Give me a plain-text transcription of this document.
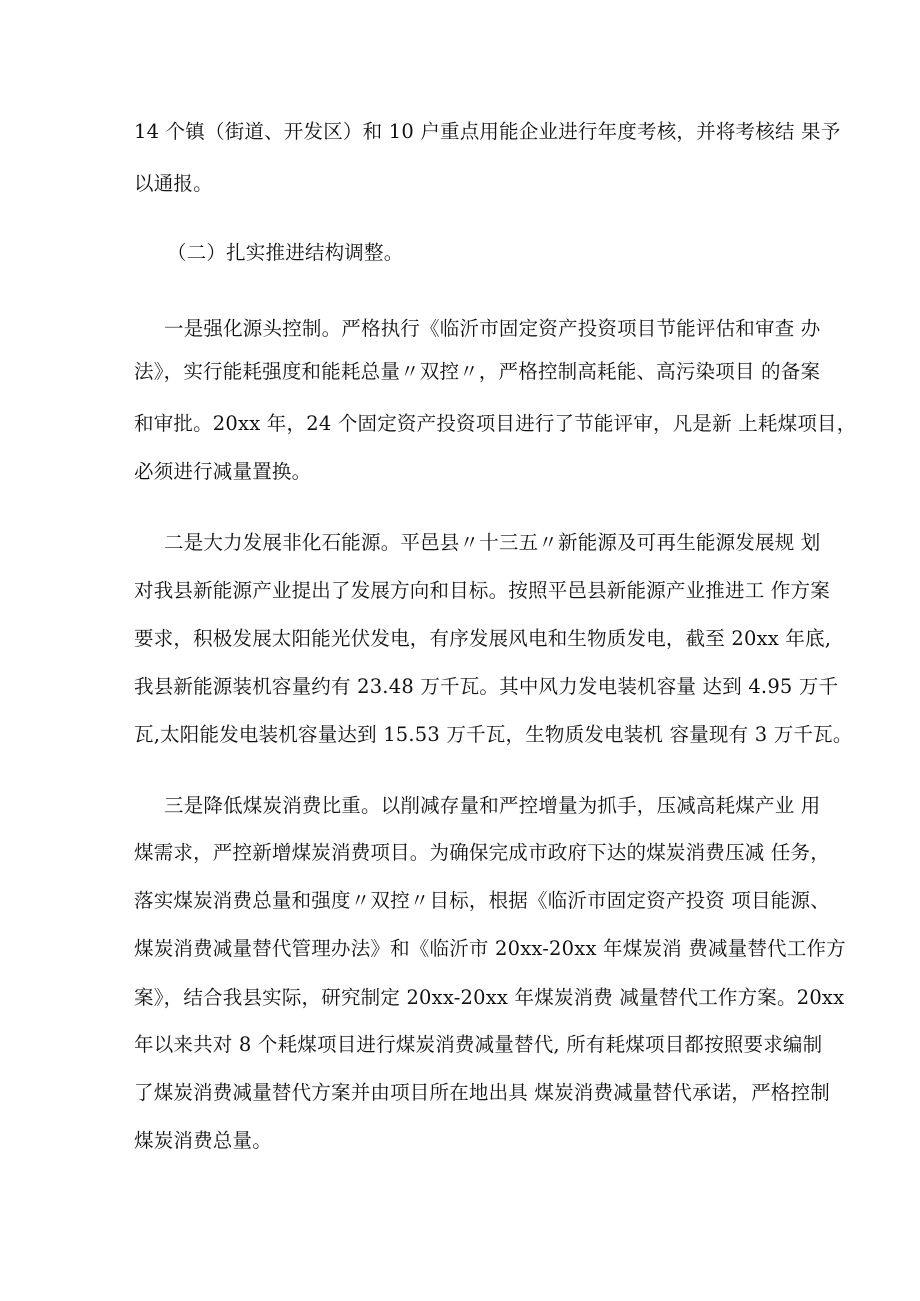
14 个镇（街道、开发区）和 10 户重点用能企业进行年度考核，并将考核结 果予
以通报。
（二）扎实推进结构调整。
一是强化源头控制。严格执行《临沂市固定资产投资项目节能评估和审查 办
法》，实行能耗强度和能耗总量〃双控〃，严格控制高耗能、高污染项目 的备案
和审批。20xx 年，24 个固定资产投资项目进行了节能评审，凡是新 上耗煤项目，
必须进行减量置换。
二是大力发展非化石能源。平邑县〃十三五〃新能源及可再生能源发展规 划
对我县新能源产业提出了发展方向和目标。按照平邑县新能源产业推进工 作方案
要求，积极发展太阳能光伏发电，有序发展风电和生物质发电，截至 20xx 年底,
我县新能源装机容量约有 23.48 万千瓦。其中风力发电装机容量 达到 4.95 万千
瓦,太阳能发电装机容量达到 15.53 万千瓦，生物质发电装机 容量现有 3 万千瓦。
三是降低煤炭消费比重。以削减存量和严控增量为抓手，压减高耗煤产业 用
煤需求，严控新增煤炭消费项目。为确保完成市政府下达的煤炭消费压减 任务，
落实煤炭消费总量和强度〃双控〃目标，根据《临沂市固定资产投资 项目能源、
煤炭消费减量替代管理办法》和《临沂市 20xx-20xx 年煤炭消 费减量替代工作方
案》，结合我县实际，研究制定 20xx-20xx 年煤炭消费 减量替代工作方案。20xx
年以来共对 8 个耗煤项目进行煤炭消费减量替代, 所有耗煤项目都按照要求编制
了煤炭消费减量替代方案并由项目所在地出具 煤炭消费减量替代承诺，严格控制
煤炭消费总量。
